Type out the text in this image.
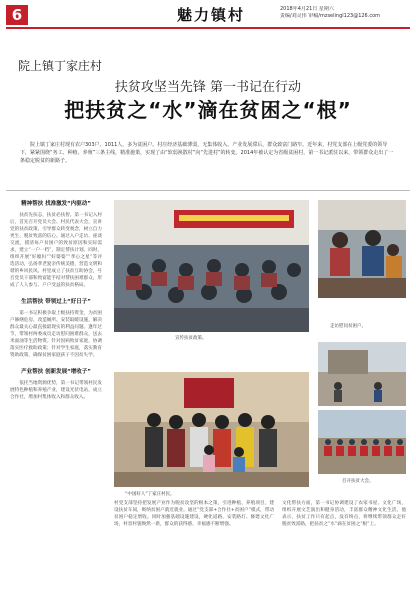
6	魅力镇村	2018年4月21日 星期六
责编/刘灵伟 审稿/mzselingl123@126.com
院上镇丁家庄村
扶贫攻坚当先锋 第一书记在行动
把扶贫之“水”滴在贫困之“根”
院上镇丁家庄村现有农户303户、1011人，多为贫困户。村庄经济基础薄弱，无集体收入，产业发展滞后，群众致富门路窄。近年来，村党支部在上级党委的领导下，紧紧围绕“务工、种植、养殖”三条主线，精准施策，实现了由“软弱涣散村”向“先进村”的转变。2014年被认定为省级贫困村，第一书记派驻以来，带领群众走出了一条稳定脱贫的新路子。
精神帮扶 找准激发“内驱动”
扶贫先扶志，扶贫必扶智。第一书记入村后，首先召开党员大会、村民代表大会，宣讲党的扶贫政策，引导群众转变观念，树立自力更生、脱贫致富的信心。通过入户走访、座谈交流，摸清每户贫困户的致贫原因和实际需求，建立“一户一档”，制定帮扶计划。同时，组织开展“好媳妇”“好婆婆”“孝心之星”等评选活动，弘扬孝老爱亲传统美德，营造文明和谐的乡风民风。村里成立了扶贫互助协会，号召党员干部和致富能手结对帮扶困难群众，形成了人人参与、户户受益的扶贫格局。
生活帮扶 带领过上“好日子”
第一书记积极争取上级扶持资金，为贫困户修缮危房、改造厕所、安装取暖设施，解决群众最关心最直接最现实的利益问题。逢年过节，带领村两委成员走访慰问困难群众，送去米面油等生活物资。针对因病致贫家庭，协调落实医疗救助政策；针对学生家庭，落实教育资助政策，确保贫困家庭孩子不因贫失学。
产业帮扶 创新发展“增收子”
依托当地资源优势，第一书记带领村民发展特色种植和养殖产业，建设光伏电站，成立合作社，增加村集体收入和群众收入。
宣传扶贫政策。
走访慰问贫困户。
“中国好人”丁家庄村民。
召开扶贫大会。
村党支部坚持把发展产业作为脱贫攻坚的根本之策，引进种植、养殖项目，建设扶贫车间，吸纳贫困户就近就业。通过“党支部+合作社+贫困户”模式，带动贫困户稳定增收。同时加强基础设施建设，硬化道路、安装路灯、修建文化广场，村容村貌焕然一新，群众的获得感、幸福感不断增强。
文化帮扶方面，第一书记协调建设了农家书屋、文化广场，组织开展文艺演出和健身活动，丰富群众精神文化生活。他表示，扶贫工作只有起点，没有终点，将继续带领群众走好脱贫致富路，把扶贫之“水”滴在贫困之“根”上。
